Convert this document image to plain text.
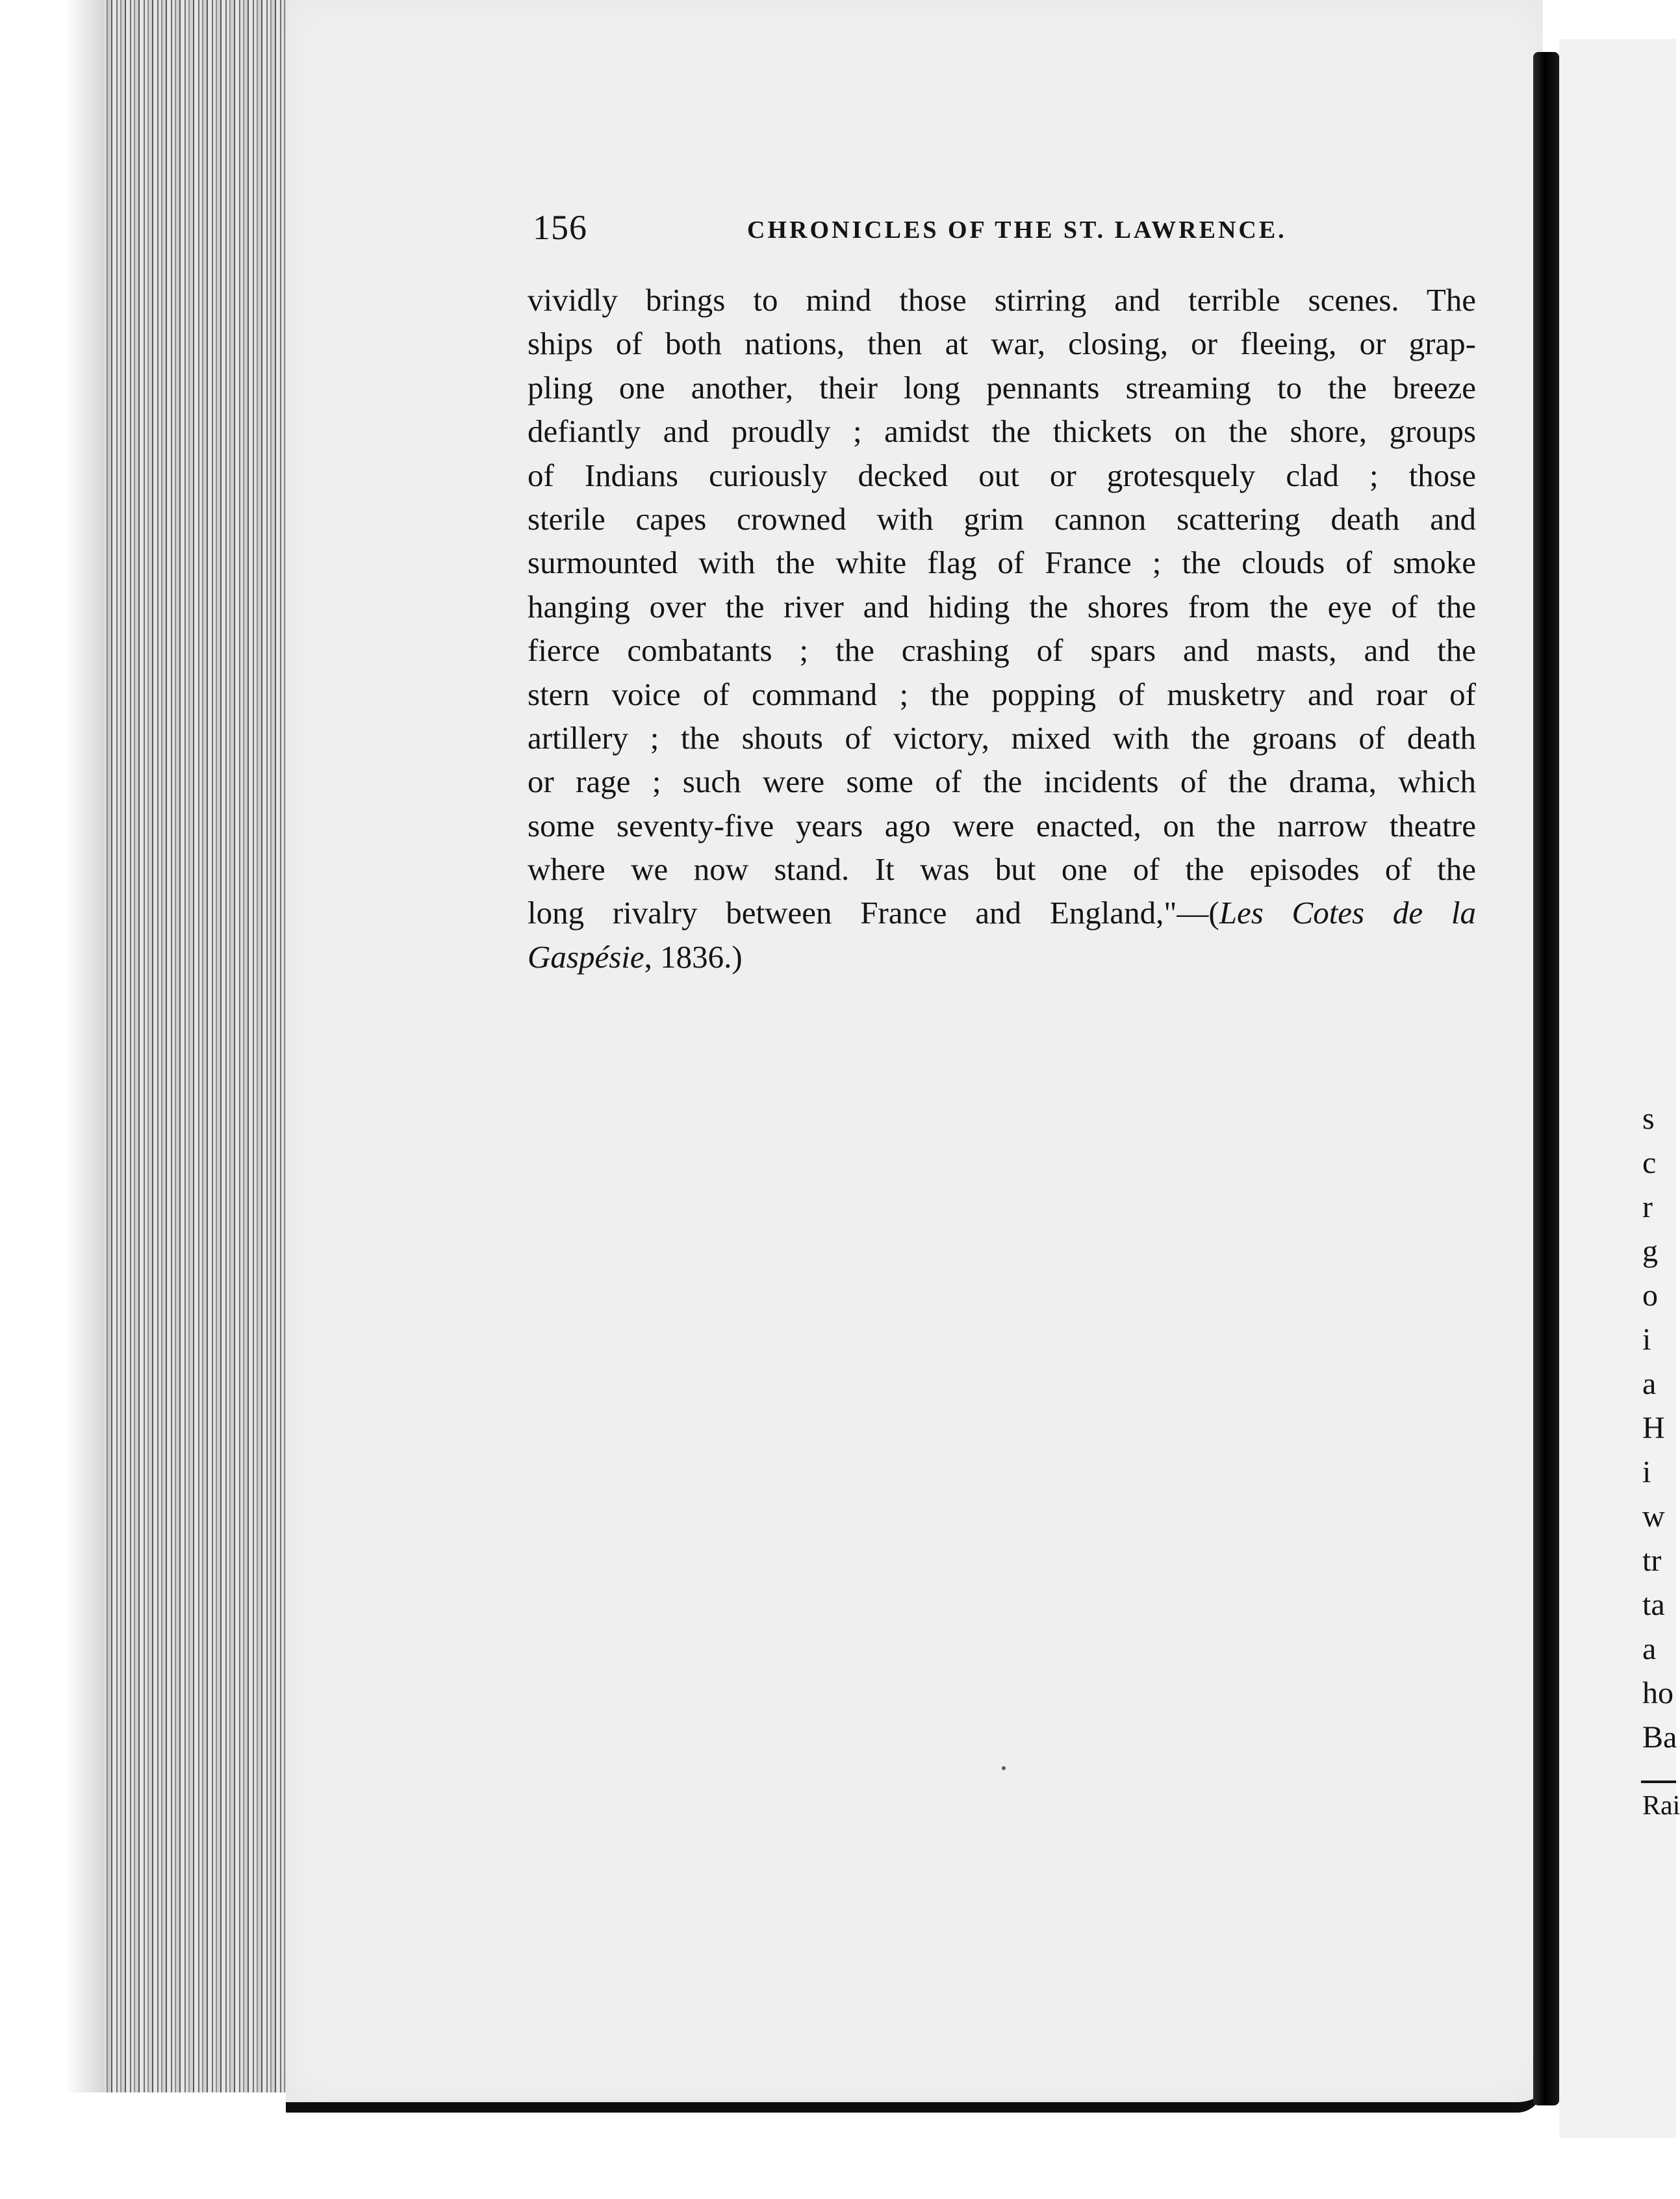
156	CHRONICLES OF THE ST. LAWRENCE.
vividly brings to mind those stirring and terrible scenes. The
ships of both nations, then at war, closing, or fleeing, or grap-
pling one another, their long pennants streaming to the breeze
defiantly and proudly ; amidst the thickets on the shore, groups
of Indians curiously decked out or grotesquely clad ; those
sterile capes crowned with grim cannon scattering death and
surmounted with the white flag of France ; the clouds of smoke
hanging over the river and hiding the shores from the eye of the
fierce combatants ; the crashing of spars and masts, and the
stern voice of command ; the popping of musketry and roar of
artillery ; the shouts of victory, mixed with the groans of death
or rage ; such were some of the incidents of the drama, which
some seventy-five years ago were enacted, on the narrow theatre
where we now stand. It was but one of the episodes of the
long rivalry between France and England,"—(Les Cotes de la
Gaspésie, 1836.)
s
c
r
g
o
i
a
H
i
w
tr
ta
a
ho
Ba
Rai
